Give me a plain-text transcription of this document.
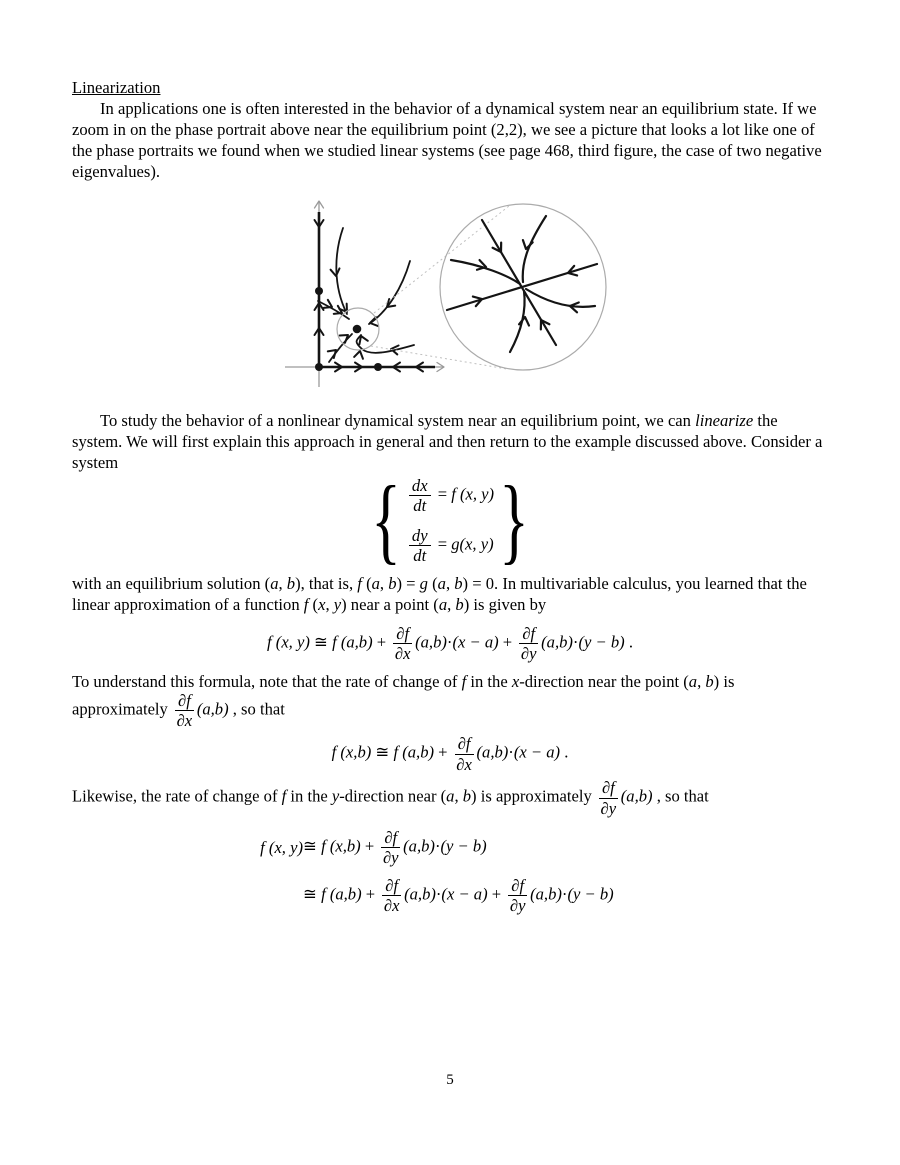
Linearization

In applications one is often interested in the behavior of a dynamical system near an equilibrium state. If we zoom in on the phase portrait above near the equilibrium point (2,2), we see a picture that looks a lot like one of the phase portraits we found when we studied linear systems (see page 468, third figure, the case of two negative eigenvalues).

To study the behavior of a nonlinear dynamical system near an equilibrium point, we can linearize the system. We will first explain this approach in general and then return to the example discussed above. Consider a system

{ $\frac{dx}{dt} = f$ (x, y)
$\frac{dy}{dt} = g(x$, y) }

with an equilibrium solution (a, b), that is, f (a, b) = g (a, b) = 0. In multivariable calculus, you learned that the linear approximation of a function f (x, y) near a point (a, b) is given by

f (x, y) ≅ f $(a,b) + \frac{\partial f}{\partial x} (a,b)\cdot(x - a) + \frac{\partial f}{\partial y} (a,b)\cdot(y - b)$ .

To understand this formula, note that the rate of change of f in the x-direction near the point (a, b) is approximately $\frac{\partial f}{\partial x} (a,b)$ , so that

f (x,b) ≅ f $(a,b) + \frac{\partial f}{\partial x} (a,b)\cdot(x - a)$ .

Likewise, the rate of change of f in the y-direction near (a, b) is approximately $\frac{\partial f}{\partial y} (a,b)$ , so that

f (x, y) ≅ f $(x,b) + \frac{\partial f}{\partial y} (a,b)\cdot(y - b)$
≅ f $(a,b) + \frac{\partial f}{\partial x} (a,b)\cdot(x - a) + \frac{\partial f}{\partial y} (a,b)\cdot(y - b)$
5
